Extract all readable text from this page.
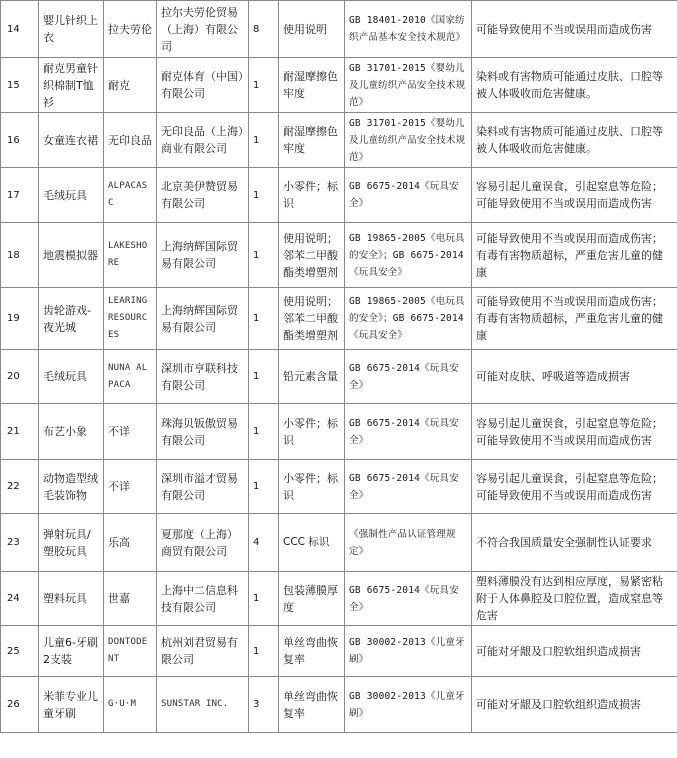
14	婴儿针织上衣	拉夫劳伦	拉尔夫劳伦贸易（上海）有限公司	8	使用说明	GB 18401-2010《国家纺织产品基本安全技术规范》	可能导致使用不当或误用而造成伤害
15	耐克男童针织棉制T恤衫	耐克	耐克体育（中国）有限公司	1	耐湿摩擦色牢度	GB 31701-2015《婴幼儿及儿童纺织产品安全技术规范》	染料或有害物质可能通过皮肤、口腔等被人体吸收而危害健康。
16	女童连衣裙	无印良品	无印良品（上海）商业有限公司	1	耐湿摩擦色牢度	GB 31701-2015《婴幼儿及儿童纺织产品安全技术规范》	染料或有害物质可能通过皮肤、口腔等被人体吸收而危害健康。
17	毛绒玩具	ALPACASC	北京美伊赞贸易有限公司	1	小零件；标识	GB 6675-2014《玩具安全》	容易引起儿童误食，引起窒息等危险；可能导致使用不当或误用而造成伤害
18	地震模拟器	LAKESHORE	上海纳辉国际贸易有限公司	1	使用说明；邻苯二甲酸酯类增塑剂	GB 19865-2005《电玩具的安全》；GB 6675-2014《玩具安全》	可能导致使用不当或误用而造成伤害；有毒有害物质超标，严重危害儿童的健康
19	齿轮游戏-夜光城	LEARING RESOURCES	上海纳辉国际贸易有限公司	1	使用说明；邻苯二甲酸酯类增塑剂	GB 19865-2005《电玩具的安全》；GB 6675-2014《玩具安全》	可能导致使用不当或误用而造成伤害；有毒有害物质超标，严重危害儿童的健康
20	毛绒玩具	NUNA ALPACA	深圳市亨联科技有限公司	1	铅元素含量	GB 6675-2014《玩具安全》	可能对皮肤、呼吸道等造成损害
21	布艺小象	不详	珠海贝钣傲贸易有限公司	1	小零件；标识	GB 6675-2014《玩具安全》	容易引起儿童误食，引起窒息等危险；可能导致使用不当或误用而造成伤害
22	动物造型绒毛装饰物	不详	深圳市溢才贸易有限公司	1	小零件；标识	GB 6675-2014《玩具安全》	容易引起儿童误食，引起窒息等危险；可能导致使用不当或误用而造成伤害
23	弹射玩具/塑胶玩具	乐高	夏那度（上海）商贸有限公司	4	CCC 标识	《强制性产品认证管理规定》	不符合我国质量安全强制性认证要求
24	塑料玩具	世嘉	上海中二信息科技有限公司	1	包装薄膜厚度	GB 6675-2014《玩具安全》	塑料薄膜没有达到相应厚度，易紧密粘附于人体鼻腔及口腔位置，造成窒息等危害
25	儿童6-牙刷2支装	DONTODENT	杭州刘君贸易有限公司	1	单丝弯曲恢复率	GB 30002-2013《儿童牙刷》	可能对牙龈及口腔软组织造成损害
26	米菲专业儿童牙刷	G·U·M	SUNSTAR INC.	3	单丝弯曲恢复率	GB 30002-2013《儿童牙刷》	可能对牙龈及口腔软组织造成损害
